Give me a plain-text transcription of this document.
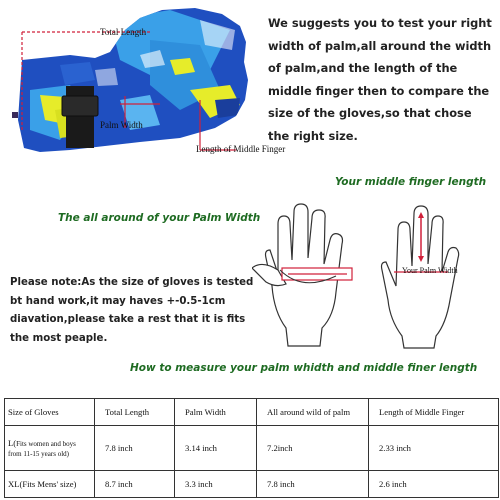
Total Length
Palm Width
Length of Middle Finger
We suggests you to test your right width of palm,all around the width of palm,and the length of the middle finger then to compare the size of the gloves,so that chose the right size.
Your middle finger length
The all around of your Palm Width
Your Palm Width
Please note:As the size of gloves is tested bt hand work,it may haves +-0.5-1cm diavation,please take a rest that it is fits the most peaple.
How to measure your palm whidth and middle finer length
Size of Gloves	Total Length	Palm Width	All around wild of palm	Length of Middle Finger
L(Fits women and boys from 11-15 years old)	7.8 inch	3.14 inch	7.2inch	2.33 inch
XL(Fits Mens' size)	8.7 inch	3.3 inch	7.8 inch	2.6 inch
